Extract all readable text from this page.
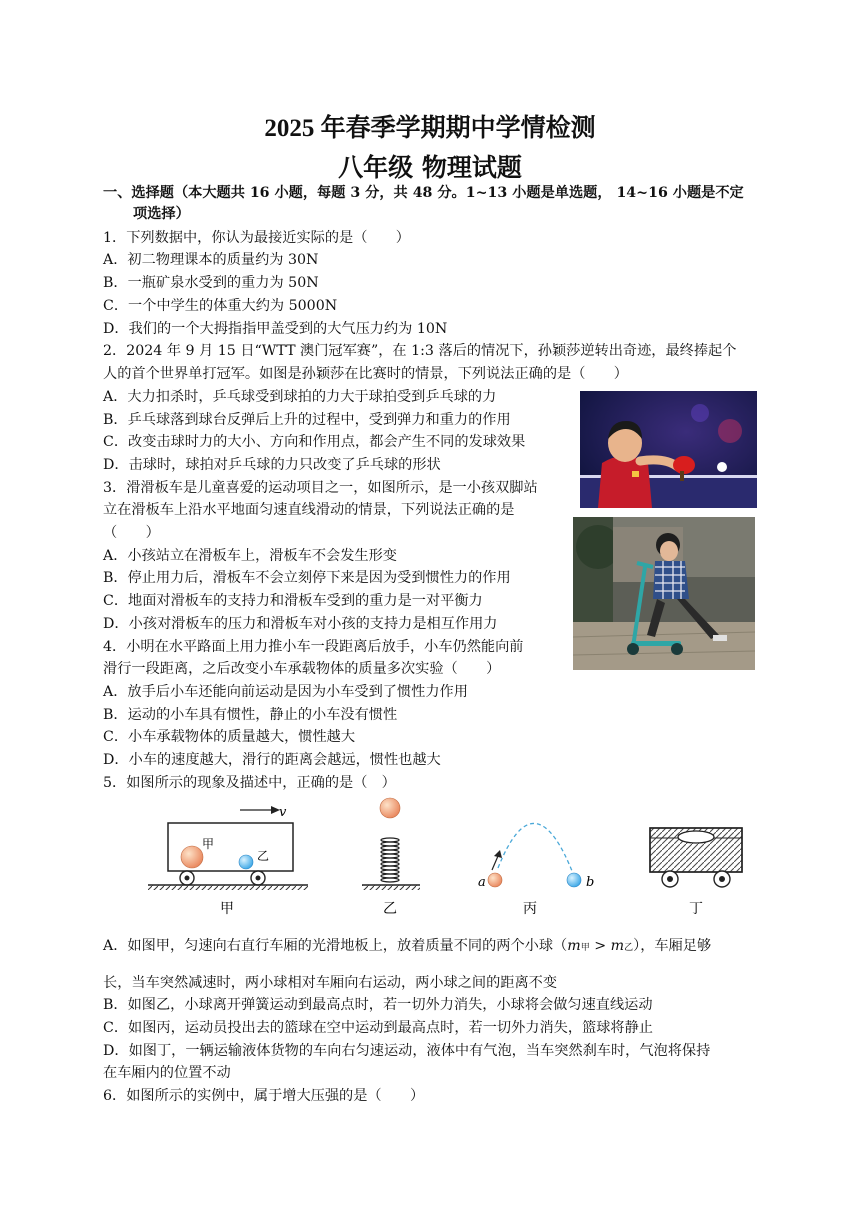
2025 年春季学期期中学情检测
八年级 物理试题
一、选择题（本大题共 16 小题，每题 3 分，共 48 分。1~13 小题是单选题， 14~16 小题是不定
项选择）
1．下列数据中，你认为最接近实际的是（　　）
A．初二物理课本的质量约为 30N
B．一瓶矿泉水受到的重力为 50N
C．一个中学生的体重大约为 5000N
D．我们的一个大拇指指甲盖受到的大气压力约为 10N
2．2024 年 9 月 15 日“WTT 澳门冠军赛”，在 1:3 落后的情况下，孙颖莎逆转出奇迹，最终捧起个
人的首个世界单打冠军。如图是孙颖莎在比赛时的情景，下列说法正确的是（　　）
A．大力扣杀时，乒乓球受到球拍的力大于球拍受到乒乓球的力
B．乒乓球落到球台反弹后上升的过程中，受到弹力和重力的作用
C．改变击球时力的大小、方向和作用点，都会产生不同的发球效果
D．击球时，球拍对乒乓球的力只改变了乒乓球的形状
3．滑滑板车是儿童喜爱的运动项目之一，如图所示，是一小孩双脚站
立在滑板车上沿水平地面匀速直线滑动的情景，下列说法正确的是
（　　）
A．小孩站立在滑板车上，滑板车不会发生形变
B．停止用力后，滑板车不会立刻停下来是因为受到惯性力的作用
C．地面对滑板车的支持力和滑板车受到的重力是一对平衡力
D．小孩对滑板车的压力和滑板车对小孩的支持力是相互作用力
4．小明在水平路面上用力推小车一段距离后放手，小车仍然能向前
滑行一段距离，之后改变小车承载物体的质量多次实验（　　）
A．放手后小车还能向前运动是因为小车受到了惯性力作用
B．运动的小车具有惯性，静止的小车没有惯性
C．小车承载物体的质量越大，惯性越大
D．小车的速度越大，滑行的距离会越远，惯性也越大
5．如图所示的现象及描述中，正确的是（　）
v
甲
乙
甲	乙
a	b
丙	丁
A．如图甲，匀速向右直行车厢的光滑地板上，放着质量不同的两个小球（m甲 > m乙），车厢足够
长，当车突然减速时，两小球相对车厢向右运动，两小球之间的距离不变
B．如图乙，小球离开弹簧运动到最高点时，若一切外力消失，小球将会做匀速直线运动
C．如图丙，运动员投出去的篮球在空中运动到最高点时，若一切外力消失，篮球将静止
D．如图丁，一辆运输液体货物的车向右匀速运动，液体中有气泡，当车突然刹车时，气泡将保持
在车厢内的位置不动
6．如图所示的实例中，属于增大压强的是（　　）
